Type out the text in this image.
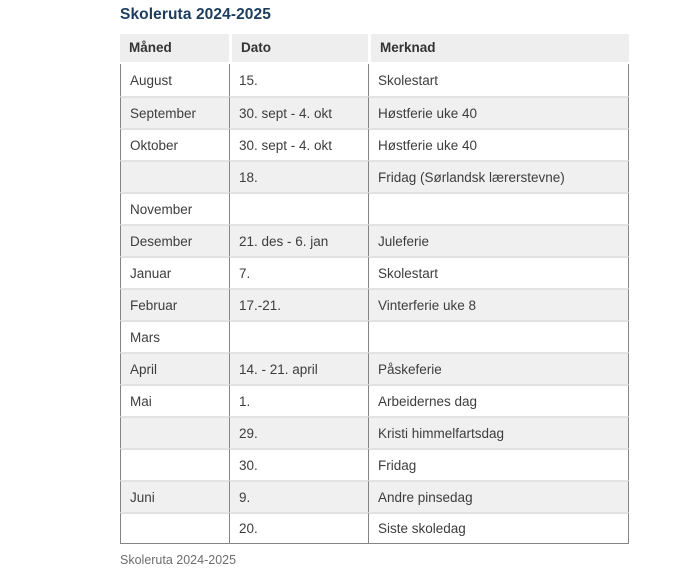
Skoleruta 2024-2025
Måned	Dato	Merknad
August	15.	Skolestart
September	30. sept - 4. okt	Høstferie uke 40
Oktober	30. sept - 4. okt	Høstferie uke 40
	18.	Fridag (Sørlandsk lærerstevne)
November		
Desember	21. des - 6. jan	Juleferie
Januar	7.	Skolestart
Februar	17.-21.	Vinterferie uke 8
Mars		
April	14. - 21. april	Påskeferie
Mai	1.	Arbeidernes dag
	29.	Kristi himmelfartsdag
	30.	Fridag
Juni	9.	Andre pinsedag
	20.	Siste skoledag
Skoleruta 2024-2025
